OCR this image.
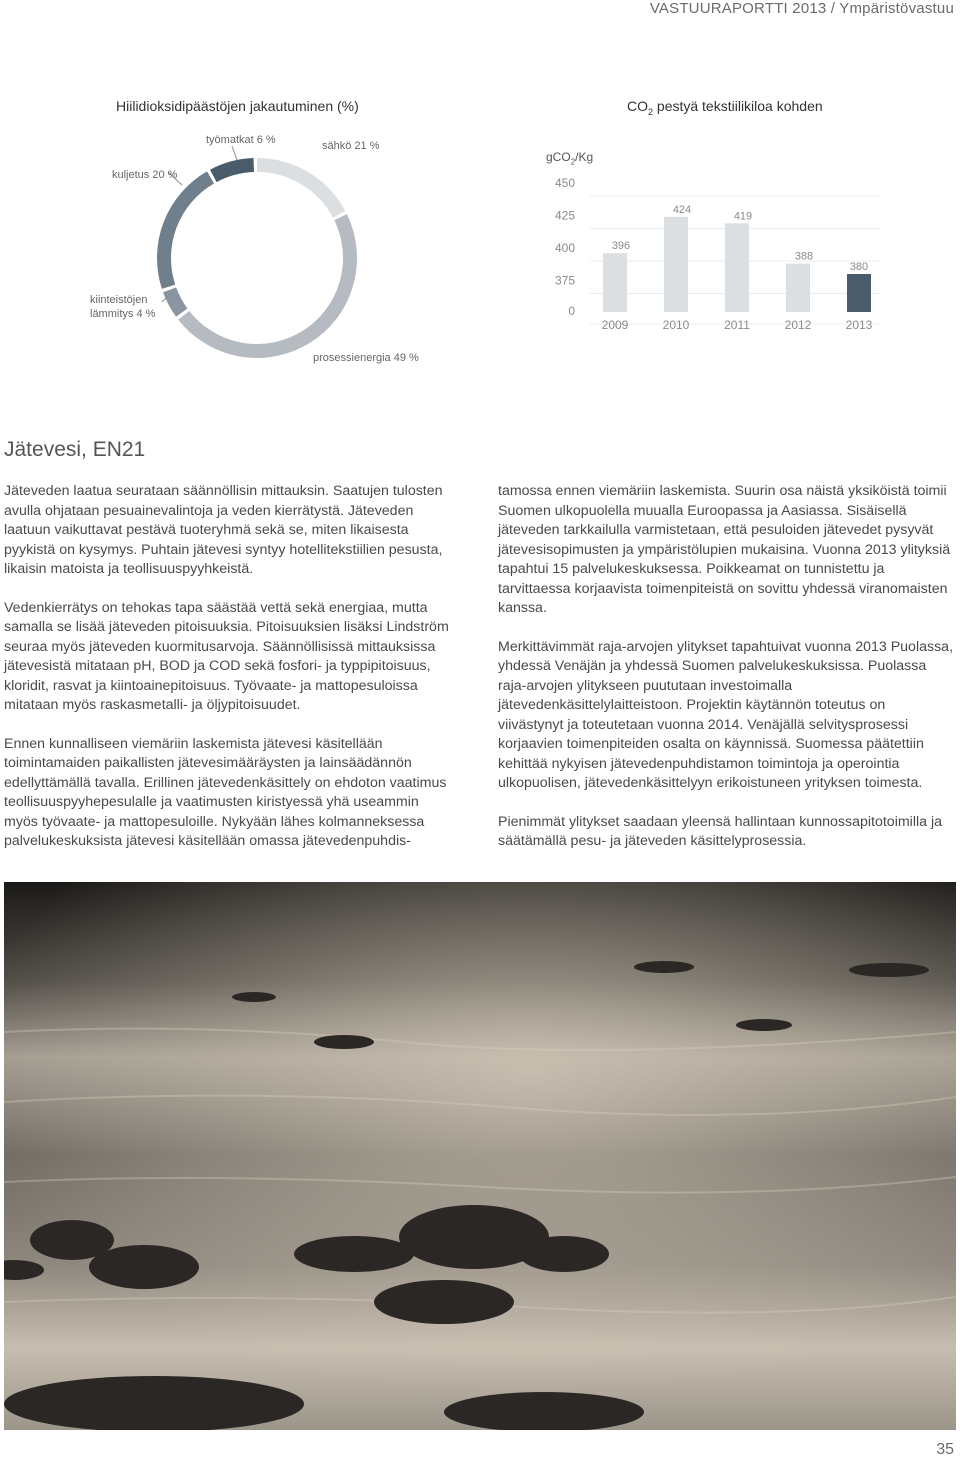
VASTUURAPORTTI 2013 / Ympäristövastuu
Hiilidioksidipäästöjen jakautuminen (%)
kuljetus 20 %
työmatkat 6 %	sähkö 21 %
kiinteistöjen
lämmitys 4 %
prosessienergia 49 %
$CO_2$ pestyä tekstiilikiloa kohden
gCO$_2$/Kg
450
425
400
375
0
396
2009
424
2010
419
2011
388
2012
380
2013
Jätevesi, EN21

Jäteveden laatua seurataan säännöllisin mittauksin. Saatujen tulosten avulla ohjataan pesuainevalintoja ja veden kierrätystä. Jäteveden laatuun vaikuttavat pestävä tuoteryhmä sekä se, miten likaisesta pyykistä on kysymys. Puhtain jätevesi syntyy hotellitekstiilien pesusta, likaisin matoista ja teollisuuspyyhkeistä.

Vedenkierrätys on tehokas tapa säästää vettä sekä energiaa, mutta samalla se lisää jäteveden pitoisuuksia. Pitoisuuksien lisäksi Lindström seuraa myös jäteveden kuormitusarvoja. Säännöllisissä mittauksissa jätevesistä mitataan pH, BOD ja COD sekä fosfori- ja typpipitoisuus, kloridit, rasvat ja kiintoainepitoisuus. Työvaate- ja mattopesuloissa mitataan myös raskasmetalli- ja öljypitoisuudet.

Ennen kunnalliseen viemäriin laskemista jätevesi käsitellään toimintamaiden paikallisten jätevesimääräysten ja lainsäädännön edellyttämällä tavalla. Erillinen jätevedenkäsittely on ehdoton vaatimus teollisuuspyyhepesulalle ja vaatimusten kiristyessä yhä useammin myös työvaate- ja mattopesuloille. Nykyään lähes kolmanneksessa palvelukeskuksista jätevesi käsitellään omassa jätevedenpuhdis-

tamossa ennen viemäriin laskemista. Suurin osa näistä yksiköistä toimii Suomen ulkopuolella muualla Euroopassa ja Aasiassa. Sisäisellä jäteveden tarkkailulla varmistetaan, että pesuloiden jätevedet pysyvät jätevesisopimusten ja ympäristölupien mukaisina. Vuonna 2013 ylityksiä tapahtui 15 palvelukeskuksessa. Poikkeamat on tunnistettu ja tarvittaessa korjaavista toimenpiteistä on sovittu yhdessä viranomaisten kanssa.

Merkittävimmät raja-arvojen ylitykset tapahtuivat vuonna 2013 Puolassa, yhdessä Venäjän ja yhdessä Suomen palvelukeskuksissa. Puolassa raja-arvojen ylitykseen puututaan investoimalla jätevedenkäsittelylaitteistoon. Projektin käytännön toteutus on viivästynyt ja toteutetaan vuonna 2014. Venäjällä selvitysprosessi korjaavien toimenpiteiden osalta on käynnissä. Suomessa päätettiin kehittää nykyisen jätevedenpuhdistamon toimintoja ja operointia ulkopuolisen, jätevedenkäsittelyyn erikoistuneen yrityksen toimesta.

Pienimmät ylitykset saadaan yleensä hallintaan kunnossapitotoimilla ja säätämällä pesu- ja jäteveden käsittelyprosessia.

35
